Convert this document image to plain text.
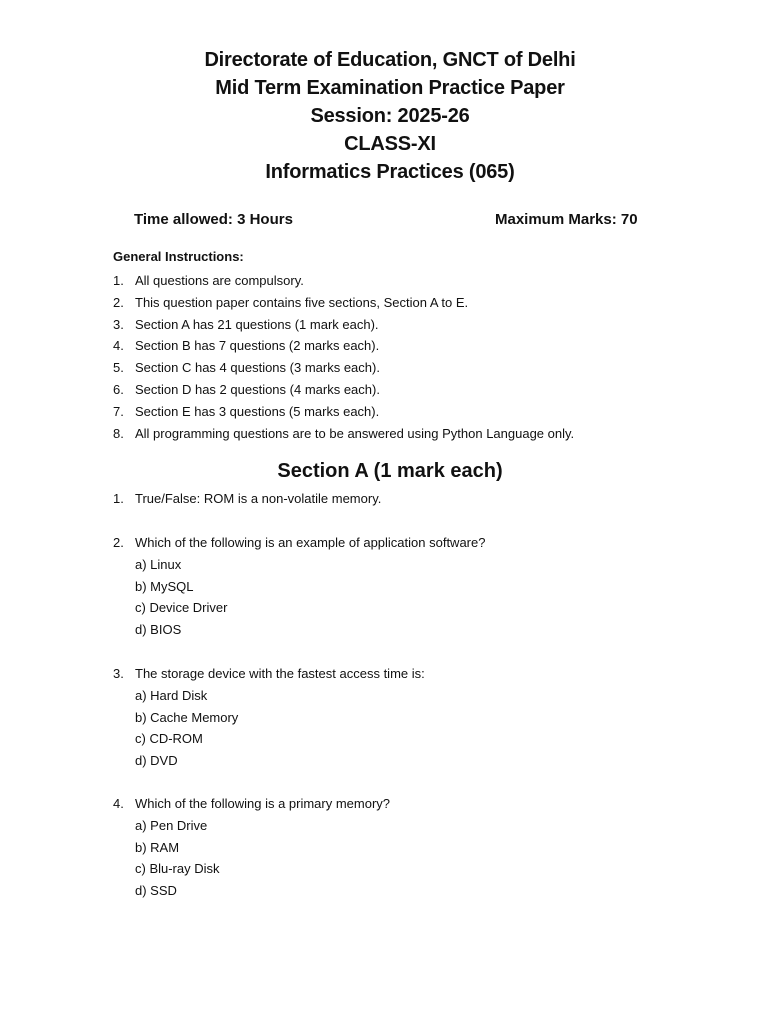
Directorate of Education, GNCT of Delhi
Mid Term Examination Practice Paper
Session: 2025-26
CLASS-XI
Informatics Practices (065)
Time allowed: 3 Hours	Maximum Marks: 70
General Instructions:
1. All questions are compulsory.
2. This question paper contains five sections, Section A to E.
3. Section A has 21 questions (1 mark each).
4. Section B has 7 questions (2 marks each).
5. Section C has 4 questions (3 marks each).
6. Section D has 2 questions (4 marks each).
7. Section E has 3 questions (5 marks each).
8. All programming questions are to be answered using Python Language only.
Section A (1 mark each)
1. True/False: ROM is a non-volatile memory.
2. Which of the following is an example of application software?
a) Linux
b) MySQL
c) Device Driver
d) BIOS
3. The storage device with the fastest access time is:
a) Hard Disk
b) Cache Memory
c) CD-ROM
d) DVD
4. Which of the following is a primary memory?
a) Pen Drive
b) RAM
c) Blu-ray Disk
d) SSD
